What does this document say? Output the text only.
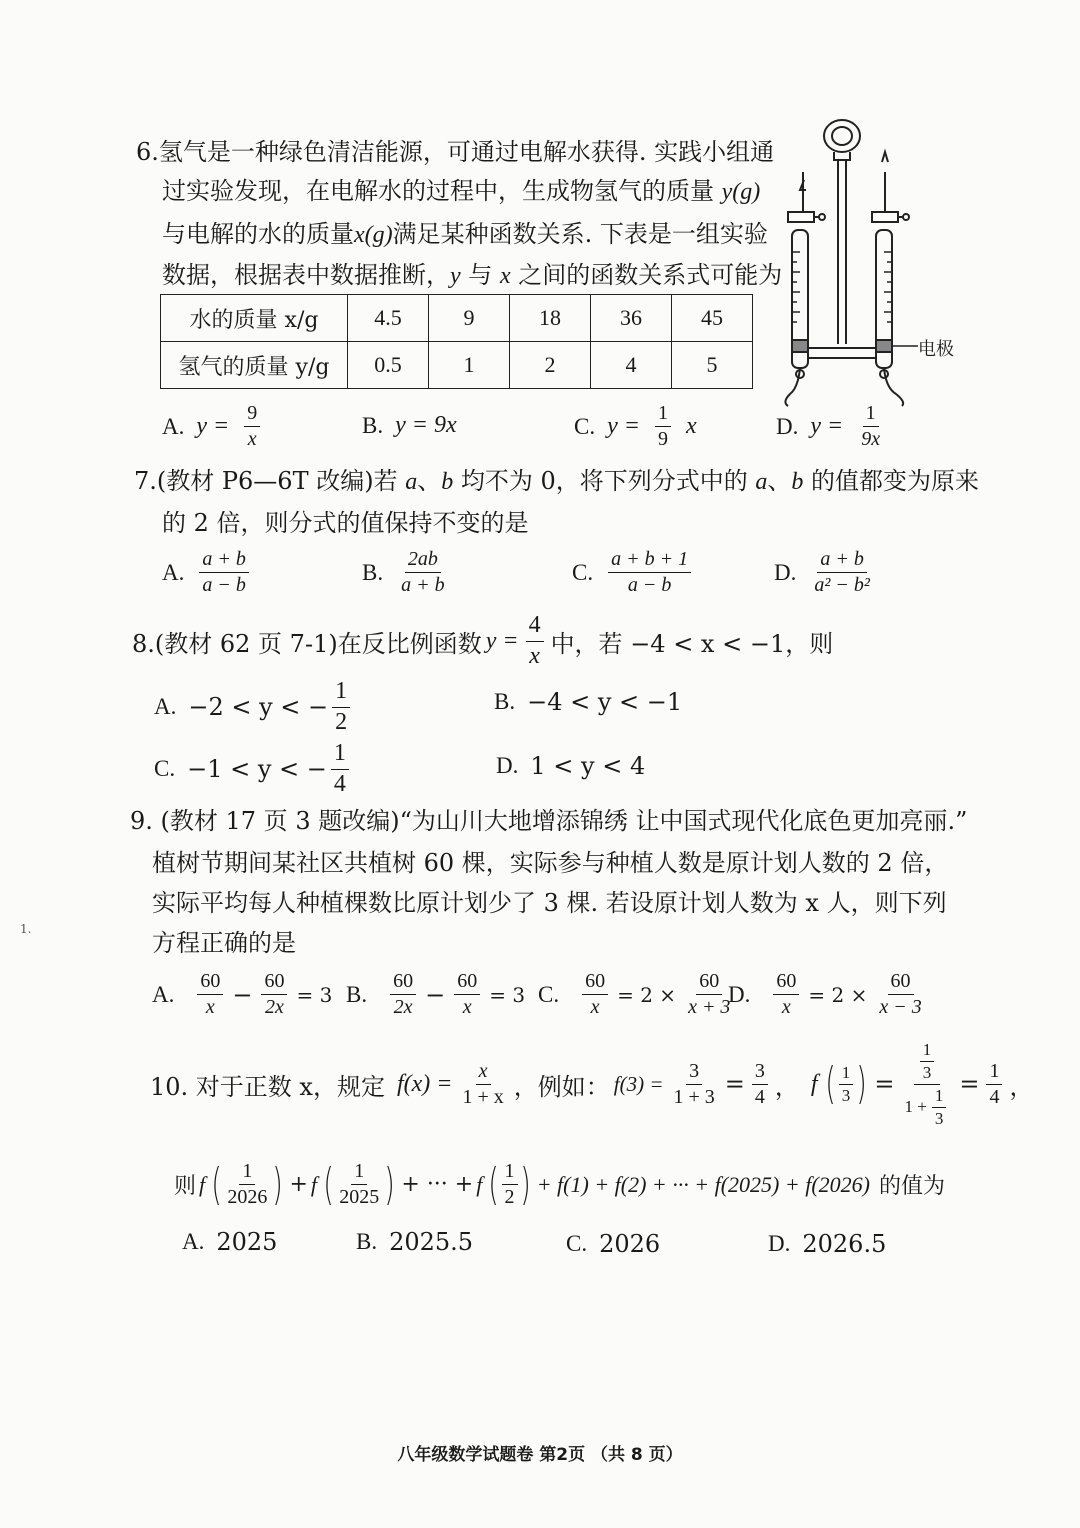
6.氢气是一种绿色清洁能源，可通过电解水获得. 实践小组通
过实验发现，在电解水的过程中，生成物氢气的质量 y(g)
与电解的水的质量x(g)满足某种函数关系. 下表是一组实验
数据，根据表中数据推断，y 与 x 之间的函数关系式可能为
水的质量 x/g	4.5	9	18	36	45
氢气的质量 y/g	0.5	1	2	4	5
电极
A. $y = \frac{9}{x}$	B. y = 9x	C. $y = \frac{1}{9}$ x	D. $y = \frac{1}{9x}$
7.(教材 P6—6T 改编)若 a、b 均不为 0，将下列分式中的 a、b 的值都变为原来
的 2 倍，则分式的值保持不变的是
A. $\frac{a + b}{a - b}$	B. $\frac{2ab}{a + b}$	C. $\frac{a + b + 1}{a - b}$	D. $\frac{a + b}{\text{a² − b²}}$
8.(教材 62 页 7-1)在反比例函数 $y = \frac{4}{x}$ 中，若 −4 < x < −1，则
A. −2 < y < − $\frac{1}{2}$	B. −4 < y < −1
C. −1 < y < − $\frac{1}{4}$	D. 1 < y < 4
9. (教材 17 页 3 题改编)“为山川大地增添锦绣 让中国式现代化底色更加亮丽.”
植树节期间某社区共植树 60 棵，实际参与种植人数是原计划人数的 2 倍，
实际平均每人种植棵数比原计划少了 3 棵. 若设原计划人数为 x 人，则下列
方程正确的是
A. $\frac{60}{x} - \frac{60}{2x} = 3$ B. $\frac{60}{2x} - \frac{60}{x} = 3$ C. $\frac{60}{x} = 2 \times \frac{60}{x + 3}$
D. $\frac{60}{x} = 2 \times \frac{60}{x - 3}$
10. 对于正数 x，规定 $f(x) = \frac{x}{1 + x}$ ，例如： $f(3) = \frac{3}{1 + 3} = \frac{3}{4}$ ， f ( $\frac{1}{3}$ ) = $\frac{\frac{1}{3}}{1 + \frac{1}{3}} = \frac{1}{4}$ ，
则 f ( $\frac{1}{2026}$ ) + f ( $\frac{1}{2025}$ ) + ··· + f ( $\frac{1}{2}$ ) + f(1) + f(2) + ··· + f(2025) + f(2026) 的值为
A. 2025	B. 2025.5	C. 2026	D. 2026.5
1.
八年级数学试题卷 第2页 （共 8 页）
